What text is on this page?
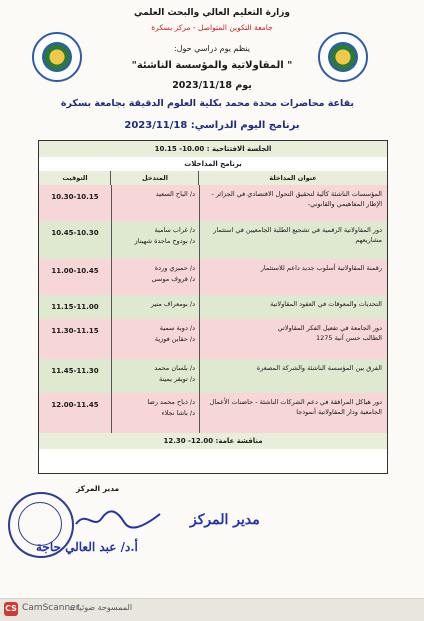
وزارة التعليم العالي والبحث العلمي
جامعة التكوين المتواصل - مركز بسكرة
ينظم يوم دراسي حول:
" المقاولاتية والمؤسسة الناشئة"
يوم 2023/11/18
بقاعة محاضرات محدة محمد بكلية العلوم الدقيقة بجامعة بسكرة
برنامج اليوم الدراسي: 2023/11/18
الجلسة الافتتاحية : 10.00- 10.15
برنامج المداخلات
عنوان المداخلة
المتدخل
التوقيت
المؤسسات الناشئة كآلية لتحقيق التحول الاقتصادي في الجزائر - الإطار المفاهيمي والقانوني-
د/ الباح السعيد
10.30-10.15
دور المقاولاتية الرقمية في تشجيع الطلبة الجامعيين في استثمار مشاريعهم
د/ غراب سامية
د/ بودوح ماجدة شهيناز
10.45-10.30
رقمنة المقاولاتية أسلوب جديد داعم للاستثمار
د/ حميزي وردة
د/ قروف موسى
11.00-10.45
التحديات والمعوقات في العقود المقاولاتية
د/ بومعراف منير
11.15-11.00
دور الجامعة في تفعيل الفكر المقاولاتي
الطالب حسن آنية 1275
د/ دوبة سمية
د/ حقاين فوزية
11.30-11.15
الفرق بين المؤسسة الناشئة والشركة المصغرة
د/ بلسان محمد
د/ تويقر يمينة
11.45-11.30
دور هياكل المرافقة في دعم الشركات الناشئة - حاضنات الأعمال الجامعية ودار المقاولاتية أنموذجا
د/ ذباح محمد رضا
د/ باشا نجلاء
12.00-11.45
مناقشة عامة: 12.00- 12.30
مدير المركز
مدير المركز
أ.د/ عبد العالي حاجة
CS CamScanner
الممسوحة ضوئيا بـ
